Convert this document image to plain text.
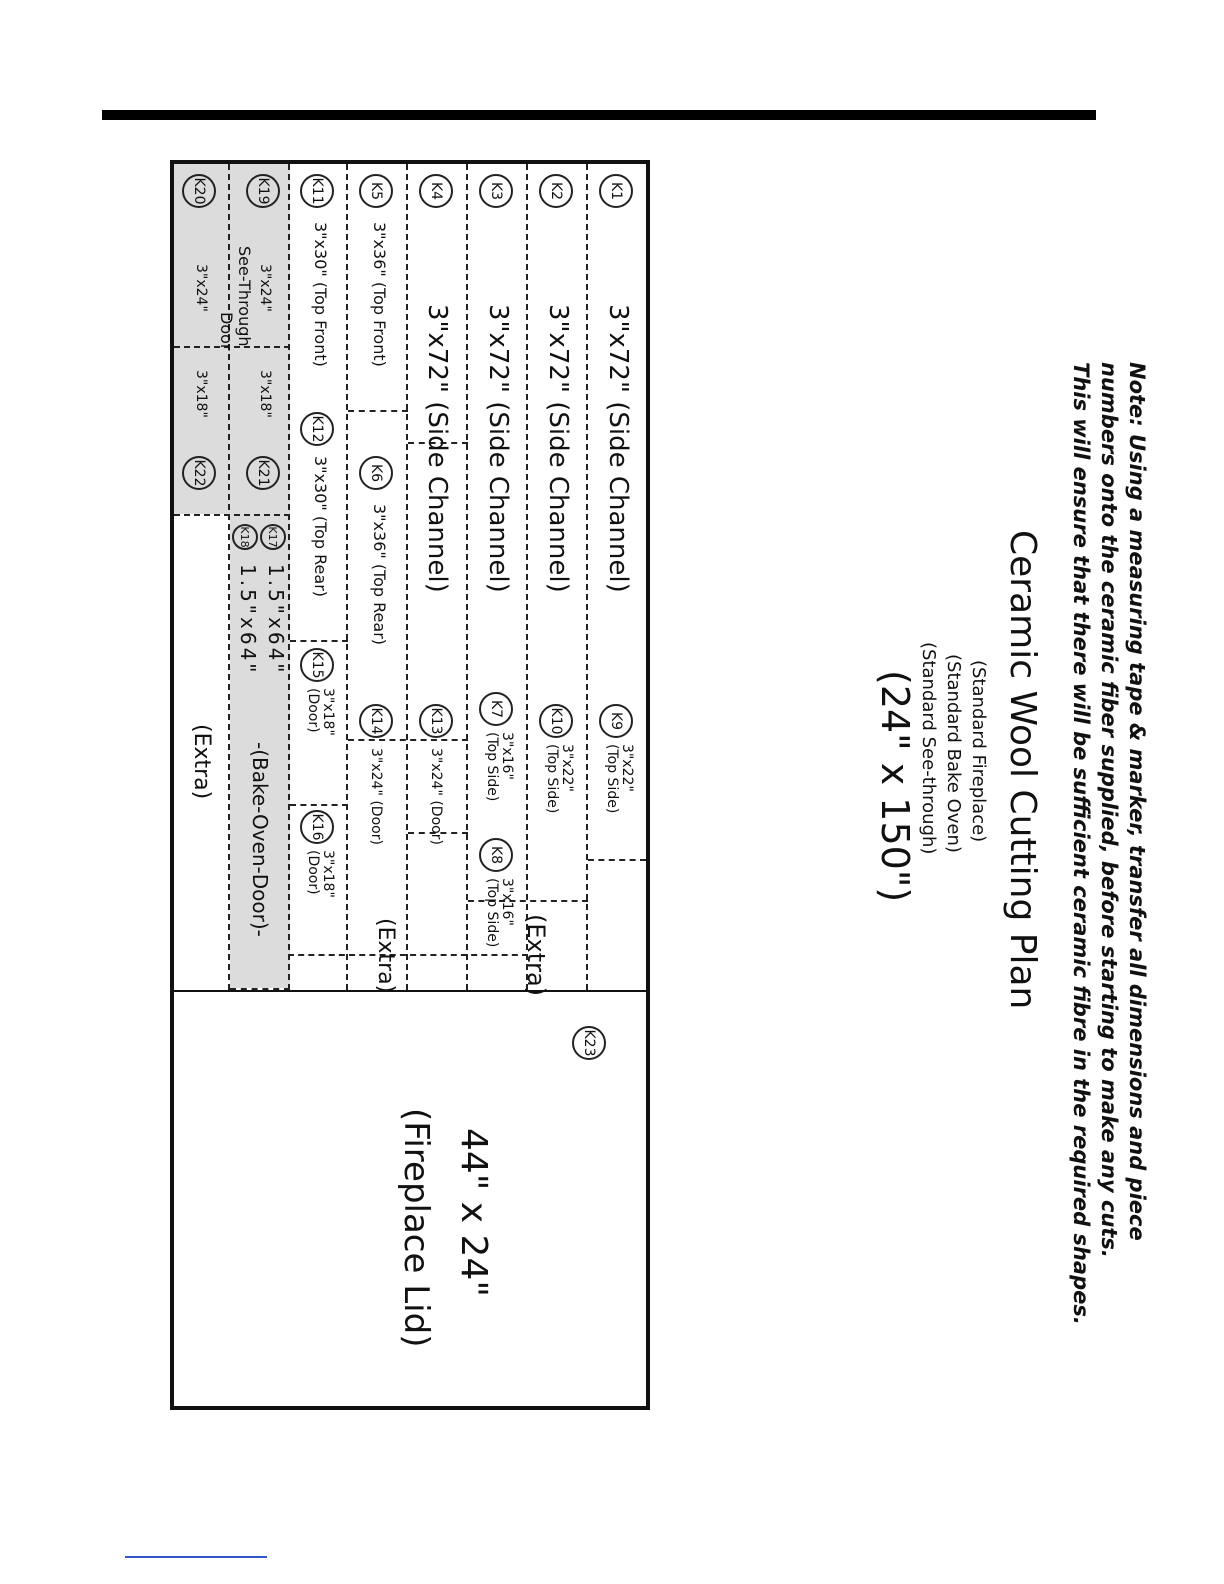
Note: Using a measuring tape & marker, transfer all dimensions and piece
numbers onto the ceramic fiber supplied, before starting to make any cuts.
This will ensure that there will be sufficient ceramic fibre in the required shapes.
Ceramic Wool Cutting Plan
(Standard Fireplace)
(Standard Bake Oven)
(Standard See-through)
(24" x 150")
K1
3"x72" (Side Channel)
K2
3"x72" (Side Channel)
K3
3"x72" (Side Channel)
K4
3"x72" (Side Channel)
K5
3"x36" (Top Front)
K6
3"x36" (Top Rear)
K11
3"x30" (Top Front)
K12
3"x30" (Top Rear)
K9
3"x22"
(Top Side)
K10
3"x22"
(Top Side)
K7
3"x16"
(Top Side)
K8
3"x16"
(Top Side)
K13
3"x24" (Door)
K14
3"x24" (Door)
K15
3"x18"
(Door)
K16
3"x18"
(Door)
K17
1.5"x64"
K18
1.5"x64"
-(Bake-Oven-Door)-
K19
3"x24"
See-Through
Door
K20
3"x24"
3"x18"
K21
3"x18"
K22
(Extra)
(Extra)
(Extra)
K23
44" x 24"
(Fireplace Lid)
